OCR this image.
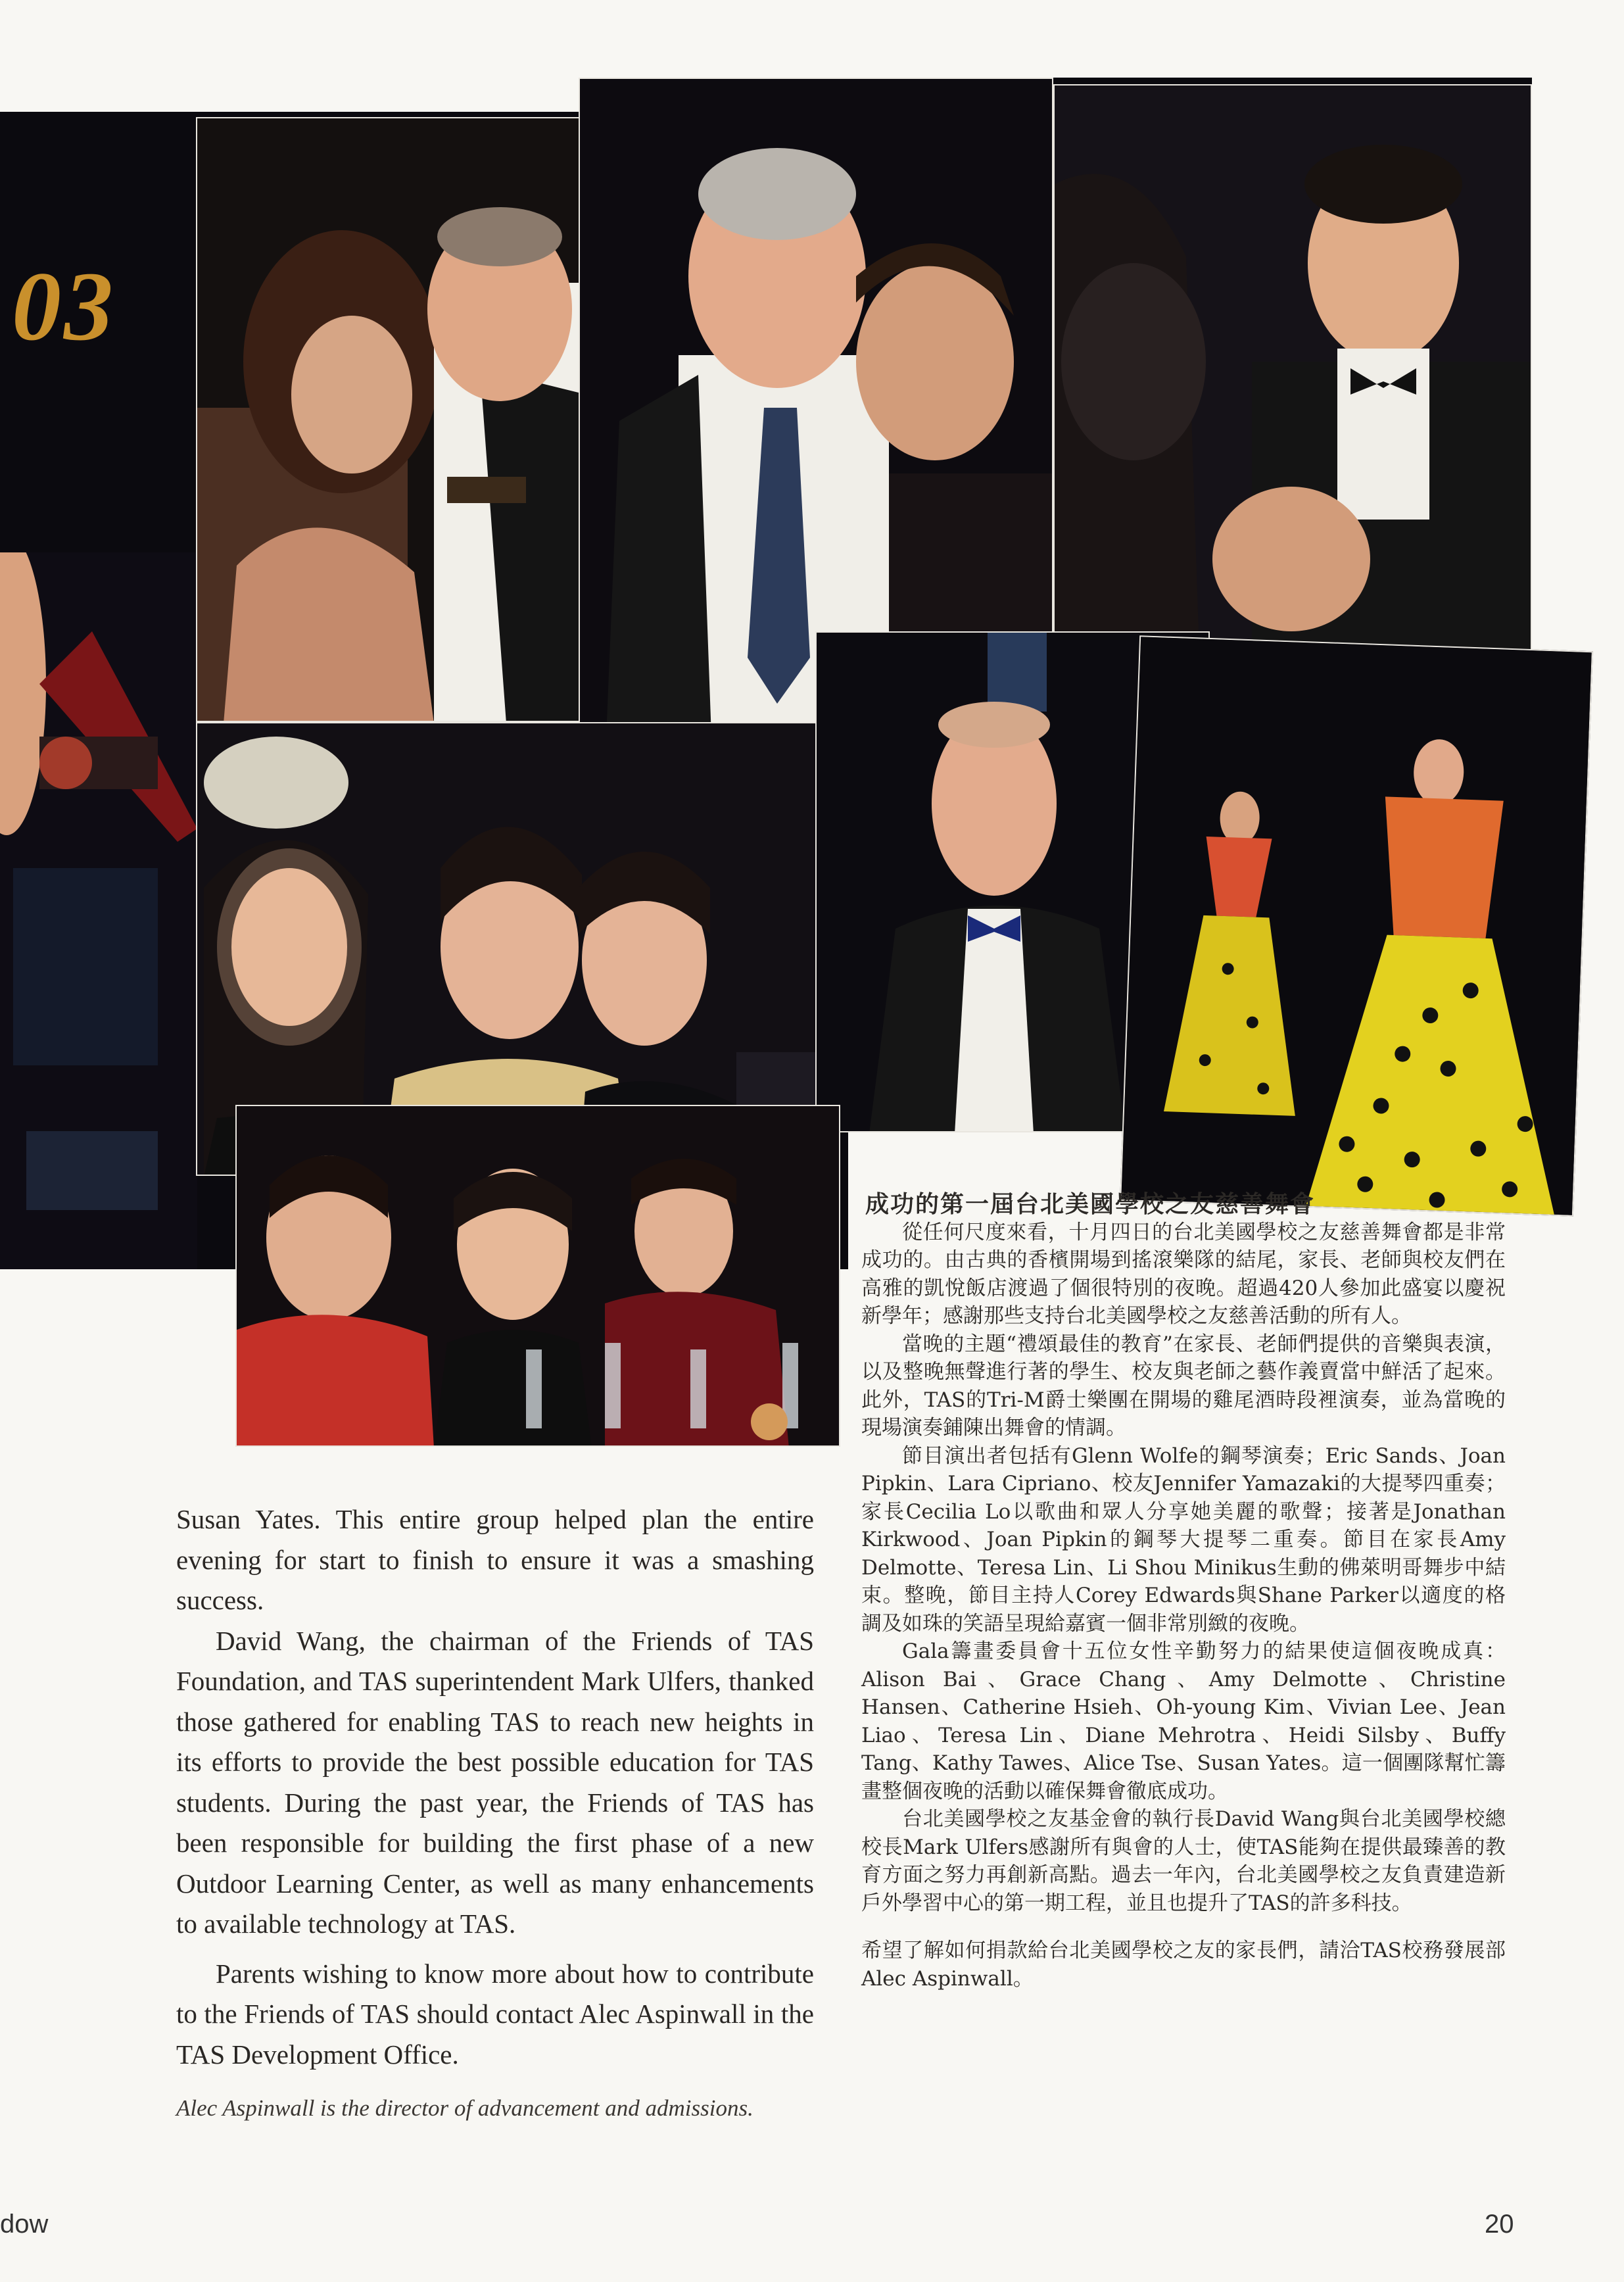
03

Susan Yates. This entire group helped plan the entire evening for start to finish to ensure it was a smashing success.

David Wang, the chairman of the Friends of TAS Foundation, and TAS superintendent Mark Ulfers, thanked those gathered for enabling TAS to reach new heights in its efforts to provide the best possible education for TAS students. During the past year, the Friends of TAS has been responsible for building the first phase of a new Outdoor Learning Center, as well as many enhancements to available technology at TAS.

Parents wishing to know more about how to contribute to the Friends of TAS should contact Alec Aspinwall in the TAS Development Office.

Alec Aspinwall is the director of advancement and admissions.

成功的第一屆台北美國學校之友慈善舞會

從任何尺度來看，十月四日的台北美國學校之友慈善舞會都是非常成功的。由古典的香檳開場到搖滾樂隊的結尾，家長、老師與校友們在高雅的凱悅飯店渡過了個很特別的夜晚。超過420人參加此盛宴以慶祝新學年；感謝那些支持台北美國學校之友慈善活動的所有人。

當晚的主題“禮頌最佳的教育”在家長、老師們提供的音樂與表演，以及整晚無聲進行著的學生、校友與老師之藝作義賣當中鮮活了起來。此外，TAS的Tri-M爵士樂團在開場的雞尾酒時段裡演奏，並為當晚的現場演奏鋪陳出舞會的情調。

節目演出者包括有Glenn Wolfe的鋼琴演奏；Eric Sands、Joan Pipkin、Lara Cipriano、校友Jennifer Yamazaki的大提琴四重奏；家長Cecilia Lo以歌曲和眾人分享她美麗的歌聲；接著是Jonathan Kirkwood、Joan Pipkin的鋼琴大提琴二重奏。節目在家長Amy Delmotte、Teresa Lin、Li Shou Minikus生動的佛萊明哥舞步中結束。整晚，節目主持人Corey Edwards與Shane Parker以適度的格調及如珠的笑語呈現給嘉賓一個非常別緻的夜晚。

Gala籌畫委員會十五位女性辛勤努力的結果使這個夜晚成真：Alison Bai、Grace Chang、Amy Delmotte、Christine Hansen、Catherine Hsieh、Oh-young Kim、Vivian Lee、Jean Liao、Teresa Lin、Diane Mehrotra、Heidi Silsby、Buffy Tang、Kathy Tawes、Alice Tse、Susan Yates。這一個團隊幫忙籌畫整個夜晚的活動以確保舞會徹底成功。

台北美國學校之友基金會的執行長David Wang與台北美國學校總校長Mark Ulfers感謝所有與會的人士，使TAS能夠在提供最臻善的教育方面之努力再創新高點。過去一年內，台北美國學校之友負責建造新戶外學習中心的第一期工程，並且也提升了TAS的許多科技。

希望了解如何捐款給台北美國學校之友的家長們，請洽TAS校務發展部 Alec Aspinwall。

dow	20
